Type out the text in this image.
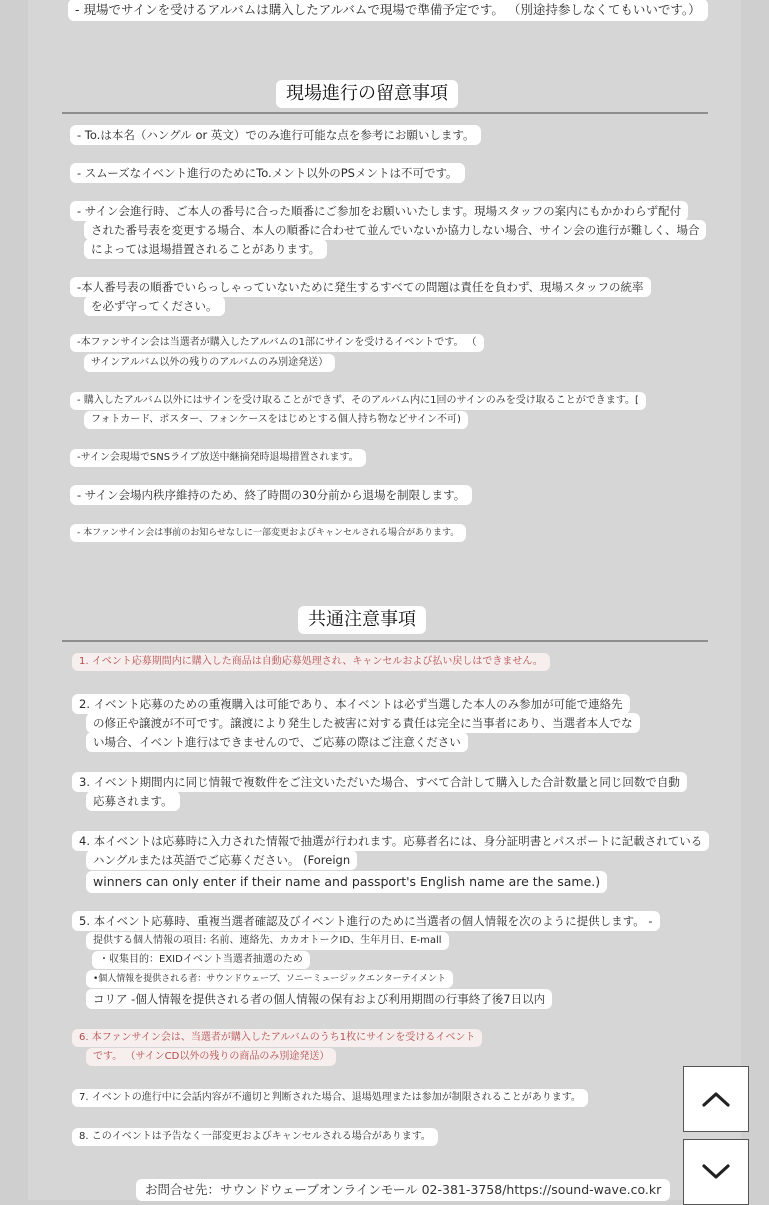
- 現場でサインを受けるアルバムは購入したアルバムで現場で準備予定です。 （別途持参しなくてもいいです。）
現場進行の留意事項
- To.は本名（ハングル or 英文）でのみ進行可能な点を参考にお願いします。
- スムーズなイベント進行のためにTo.メント以外のPSメントは不可です。
- サイン会進行時、ご本人の番号に合った順番にご参加をお願いいたします。現場スタッフの案内にもかかわらず配付
された番号表を変更する場合、本人の順番に合わせて並んでいないか協力しない場合、サイン会の進行が難しく、場合
によっては退場措置されることがあります。
-本人番号表の順番でいらっしゃっていないために発生するすべての問題は責任を負わず、現場スタッフの統率
を必ず守ってください。
-本ファンサイン会は当選者が購入したアルバムの1部にサインを受けるイベントです。 （
サインアルバム以外の残りのアルバムのみ別途発送）
- 購入したアルバム以外にはサインを受け取ることができず、そのアルバム内に1回のサインのみを受け取ることができます。[
フォトカード、ポスター、フォンケースをはじめとする個人持ち物などサイン不可)
-サイン会現場でSNSライブ放送中継摘発時退場措置されます。
- サイン会場内秩序維持のため、終了時間の30分前から退場を制限します。
- 本ファンサイン会は事前のお知らせなしに一部変更およびキャンセルされる場合があります。
共通注意事項
1. イベント応募期間内に購入した商品は自動応募処理され、キャンセルおよび払い戻しはできません。
2. イベント応募のための重複購入は可能であり、本イベントは必ず当選した本人のみ参加が可能で連絡先
の修正や譲渡が不可です。譲渡により発生した被害に対する責任は完全に当事者にあり、当選者本人でな
い場合、イベント進行はできませんので、ご応募の際はご注意ください
3. イベント期間内に同じ情報で複数件をご注文いただいた場合、すべて合計して購入した合計数量と同じ回数で自動
応募されます。
4. 本イベントは応募時に入力された情報で抽選が行われます。応募者名には、身分証明書とパスポートに記載されている
ハングルまたは英語でご応募ください。 (Foreign
winners can only enter if their name and passport's English name are the same.)
5. 本イベント応募時、重複当選者確認及びイベント進行のために当選者の個人情報を次のように提供します。 -
提供する個人情報の項目: 名前、連絡先、カカオトークID、生年月日、E-mall
・収集目的：EXIDイベント当選者抽選のため
•個人情報を提供される者：サウンドウェーブ、ソニーミュージックエンターテイメント
コリア -個人情報を提供される者の個人情報の保有および利用期間の行事終了後7日以内
6. 本ファンサイン会は、当選者が購入したアルバムのうち1枚にサインを受けるイベント
です。 （サインCD以外の残りの商品のみ別途発送）
7. イベントの進行中に会話内容が不適切と判断された場合、退場処理または参加が制限されることがあります。
8. このイベントは予告なく一部変更およびキャンセルされる場合があります。
お問合せ先：サウンドウェーブオンラインモール 02-381-3758/https://sound-wave.co.kr
